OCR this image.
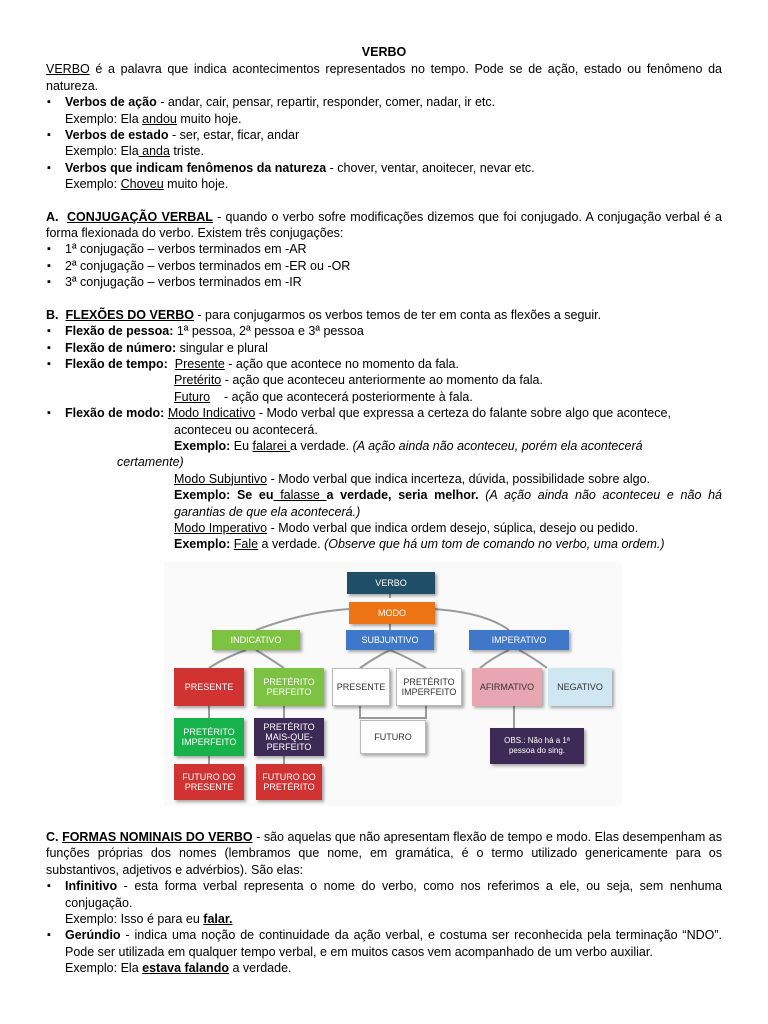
VERBO

VERBO é a palavra que indica acontecimentos representados no tempo. Pode se de ação, estado ou fenômeno da natureza.

▪ Verbos de ação - andar, cair, pensar, repartir, responder, comer, nadar, ir etc.

Exemplo: Ela andou muito hoje.

▪ Verbos de estado - ser, estar, ficar, andar

Exemplo: Ela anda triste.

▪ Verbos que indicam fenômenos da natureza - chover, ventar, anoitecer, nevar etc.

Exemplo: Choveu muito hoje.

A. CONJUGAÇÃO VERBAL - quando o verbo sofre modificações dizemos que foi conjugado. A conjugação verbal é a forma flexionada do verbo. Existem três conjugações:

▪ 1ª conjugação – verbos terminados em -AR
▪ 2ª conjugação – verbos terminados em -ER ou -OR
▪ 3ª conjugação – verbos terminados em -IR

B. FLEXÕES DO VERBO - para conjugarmos os verbos temos de ter em conta as flexões a seguir.

▪ Flexão de pessoa: 1ª pessoa, 2ª pessoa e 3ª pessoa
▪ Flexão de número: singular e plural
▪ Flexão de tempo: Presente - ação que acontece no momento da fala.

Pretérito - ação que aconteceu anteriormente ao momento da fala.

Futuro    - ação que acontecerá posteriormente à fala.

▪ Flexão de modo: Modo Indicativo - Modo verbal que expressa a certeza do falante sobre algo que acontece,

aconteceu ou acontecerá.

Exemplo: Eu falarei a verdade. (A ação ainda não aconteceu, porém ela acontecerá

certamente)

Modo Subjuntivo - Modo verbal que indica incerteza, dúvida, possibilidade sobre algo.

Exemplo: Se eu falasse a verdade, seria melhor. (A ação ainda não aconteceu e não há garantias de que ela acontecerá.)

Modo Imperativo - Modo verbal que indica ordem desejo, súplica, desejo ou pedido.

Exemplo: Fale a verdade. (Observe que há um tom de comando no verbo, uma ordem.)

VERBO
MODO
INDICATIVO	SUBJUNTIVO	IMPERATIVO
PRESENTE	PRETÉRITO PERFEITO
PRETÉRITO IMPERFEITO
PRETÉRITO MAIS-QUE-PERFEITO
FUTURO DO PRESENTE
FUTURO DO PRETÉRITO
PRESENTE	PRETÉRITO IMPERFEITO
FUTURO
AFIRMATIVO	NEGATIVO
OBS.: Não há a 1ª pessoa do sing.

C. FORMAS NOMINAIS DO VERBO - são aquelas que não apresentam flexão de tempo e modo. Elas desempenham as funções próprias dos nomes (lembramos que nome, em gramática, é o termo utilizado genericamente para os substantivos, adjetivos e advérbios). São elas:

▪ Infinitivo - esta forma verbal representa o nome do verbo, como nos referimos a ele, ou seja, sem nenhuma conjugação.

Exemplo: Isso é para eu falar.

▪ Gerúndio - indica uma noção de continuidade da ação verbal, e costuma ser reconhecida pela terminação “NDO”. Pode ser utilizada em qualquer tempo verbal, e em muitos casos vem acompanhado de um verbo auxiliar.

Exemplo: Ela estava falando a verdade.
